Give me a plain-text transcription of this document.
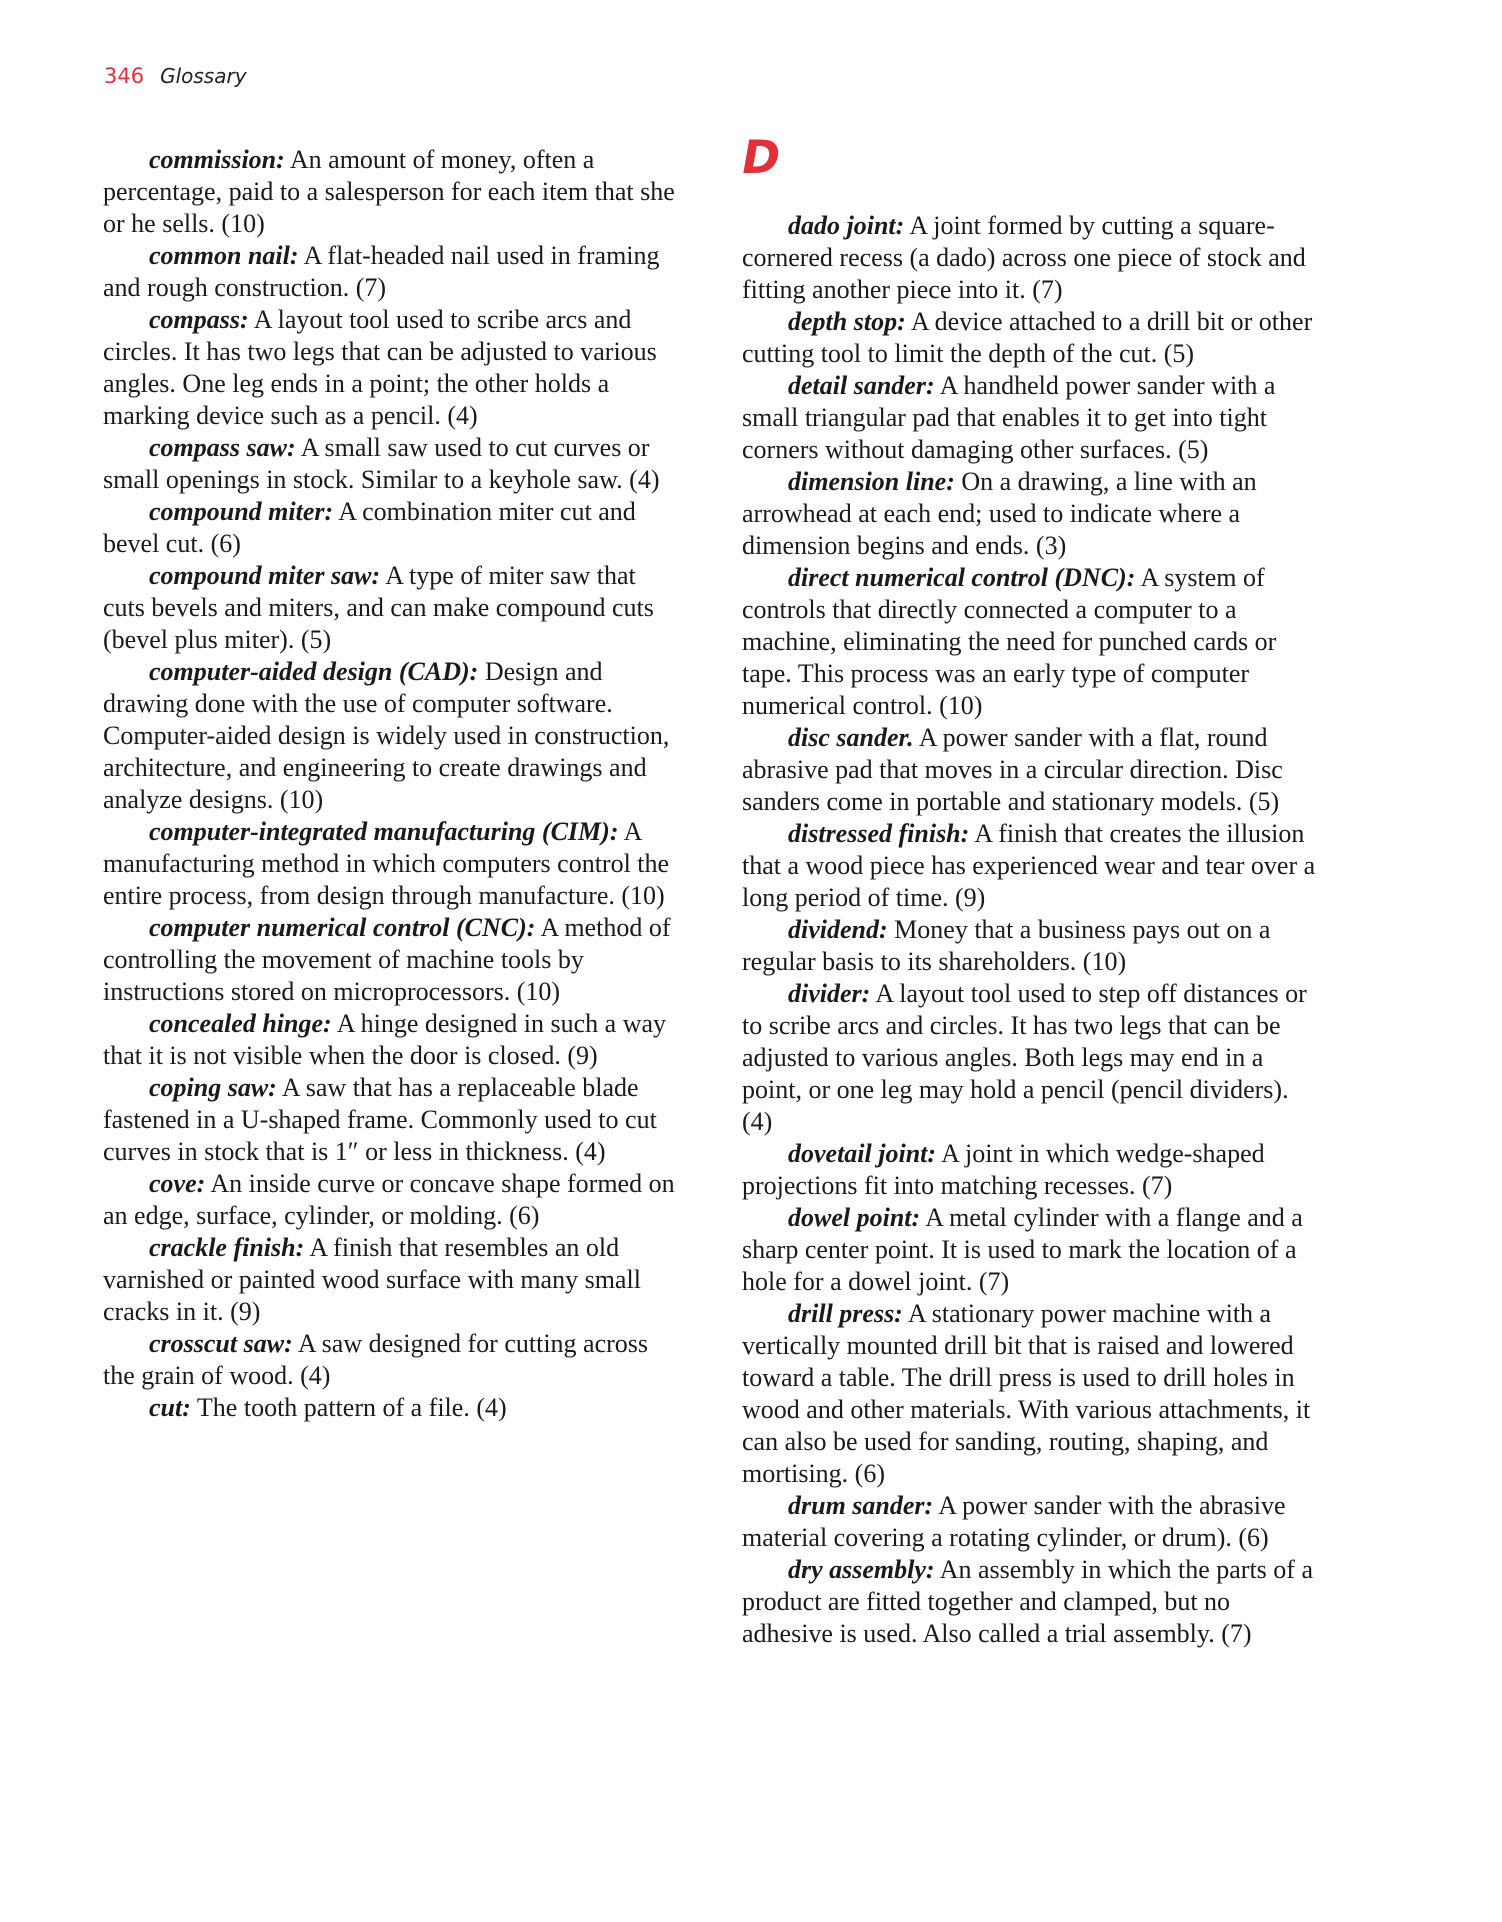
346 Glossary

commission: An amount of money, often a percentage, paid to a salesperson for each item that she or he sells. (10)

common nail: A flat-headed nail used in framing and rough construction. (7)

compass: A layout tool used to scribe arcs and circles. It has two legs that can be adjusted to various angles. One leg ends in a point; the other holds a marking device such as a pencil. (4)

compass saw: A small saw used to cut curves or small openings in stock. Similar to a keyhole saw. (4)

compound miter: A combination miter cut and bevel cut. (6)

compound miter saw: A type of miter saw that cuts bevels and miters, and can make compound cuts (bevel plus miter). (5)

computer-aided design (CAD): Design and drawing done with the use of computer software. Computer-aided design is widely used in construction, architecture, and engineering to create drawings and analyze designs. (10)

computer-integrated manufacturing (CIM): A manufacturing method in which computers control the entire process, from design through manufacture. (10)

computer numerical control (CNC): A method of controlling the movement of machine tools by instructions stored on microprocessors. (10)

concealed hinge: A hinge designed in such a way that it is not visible when the door is closed. (9)

coping saw: A saw that has a replaceable blade fastened in a U-shaped frame. Commonly used to cut curves in stock that is 1″ or less in thickness. (4)

cove: An inside curve or concave shape formed on an edge, surface, cylinder, or molding. (6)

crackle finish: A finish that resembles an old varnished or painted wood surface with many small cracks in it. (9)

crosscut saw: A saw designed for cutting across the grain of wood. (4)

cut: The tooth pattern of a file. (4)

D

dado joint: A joint formed by cutting a square-cornered recess (a dado) across one piece of stock and fitting another piece into it. (7)

depth stop: A device attached to a drill bit or other cutting tool to limit the depth of the cut. (5)

detail sander: A handheld power sander with a small triangular pad that enables it to get into tight corners without damaging other surfaces. (5)

dimension line: On a drawing, a line with an arrowhead at each end; used to indicate where a dimension begins and ends. (3)

direct numerical control (DNC): A system of controls that directly connected a computer to a machine, eliminating the need for punched cards or tape. This process was an early type of computer numerical control. (10)

disc sander. A power sander with a flat, round abrasive pad that moves in a circular direction. Disc sanders come in portable and stationary models. (5)

distressed finish: A finish that creates the illusion that a wood piece has experienced wear and tear over a long period of time. (9)

dividend: Money that a business pays out on a regular basis to its shareholders. (10)

divider: A layout tool used to step off distances or to scribe arcs and circles. It has two legs that can be adjusted to various angles. Both legs may end in a point, or one leg may hold a pencil (pencil dividers). (4)

dovetail joint: A joint in which wedge-shaped projections fit into matching recesses. (7)

dowel point: A metal cylinder with a flange and a sharp center point. It is used to mark the location of a hole for a dowel joint. (7)

drill press: A stationary power machine with a vertically mounted drill bit that is raised and lowered toward a table. The drill press is used to drill holes in wood and other materials. With various attachments, it can also be used for sanding, routing, shaping, and mortising. (6)

drum sander: A power sander with the abrasive material covering a rotating cylinder, or drum). (6)

dry assembly: An assembly in which the parts of a product are fitted together and clamped, but no adhesive is used. Also called a trial assembly. (7)
